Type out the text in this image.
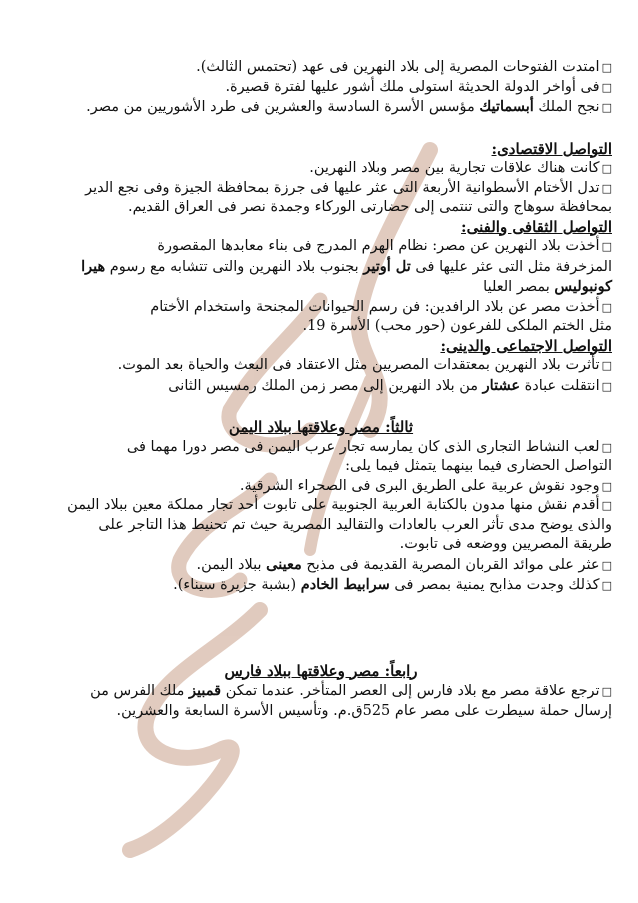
□ امتدت الفتوحات المصرية إلى بلاد النهرين فى عهد (تحتمس الثالث).

□ فى أواخر الدولة الحديثة استولى ملك أشور عليها لفترة قصيرة.

□ نجح الملك أبسماتيك مؤسس الأسرة السادسة والعشرين فى طرد الأشوريين من مصر.

التواصل الاقتصادى:

□ كانت هناك علاقات تجارية بين مصر وبلاد النهرين.

□ تدل الأختام الأسطوانية الأربعة التى عثر عليها فى جرزة بمحافظة الجيزة وفى نجع الدير

بمحافظة سوهاج والتى تنتمى إلى حضارتى الوركاء وجمدة نصر فى العراق القديم.

التواصل الثقافى والفنى:

□ أخذت بلاد النهرين عن مصر: نظام الهرم المدرج فى بناء معابدها المقصورة

المزخرفة مثل التى عثر عليها فى تل أوتير بجنوب بلاد النهرين والتى تتشابه مع رسوم هيرا

كونبوليس بمصر العليا

□ أخذت مصر عن بلاد الرافدين: فن رسم الحيوانات المجنحة واستخدام الأختام

مثل الختم الملكى للفرعون (حور محب) الأسرة 19.

التواصل الاجتماعى والدينى:

□ تأثرت بلاد النهرين بمعتقدات المصريين مثل الاعتقاد فى البعث والحياة بعد الموت.

□ انتقلت عبادة عشتار من بلاد النهرين إلى مصر زمن الملك رمسيس الثانى

ثالثاً: مصر وعلاقتها ببلاد اليمن

□ لعب النشاط التجارى الذى كان يمارسه تجار عرب اليمن فى مصر دورا مهما فى

التواصل الحضارى فيما بينهما يتمثل فيما يلى:

□ وجود نقوش عربية على الطريق البرى فى الصحراء الشرقية.

□ أقدم نقش منها مدون بالكتابة العربية الجنوبية على تابوت أحد تجار مملكة معين ببلاد اليمن

والذى يوضح مدى تأثر العرب بالعادات والتقاليد المصرية حيث تم تحنيط هذا التاجر على

طريقة المصريين ووضعه فى تابوت.

□ عثر على موائد القربان المصرية القديمة فى مذبح معينى ببلاد اليمن.

□ كذلك وجدت مذابح يمنية بمصر فى سرابيط الخادم (بشبة جزيرة سيناء).

رابعاً: مصر وعلاقتها ببلاد فارس

□ ترجع علاقة مصر مع بلاد فارس إلى العصر المتأخر. عندما تمكن قمبيز ملك الفرس من

إرسال حملة سيطرت على مصر عام 525ق.م. وتأسيس الأسرة السابعة والعشرين.
